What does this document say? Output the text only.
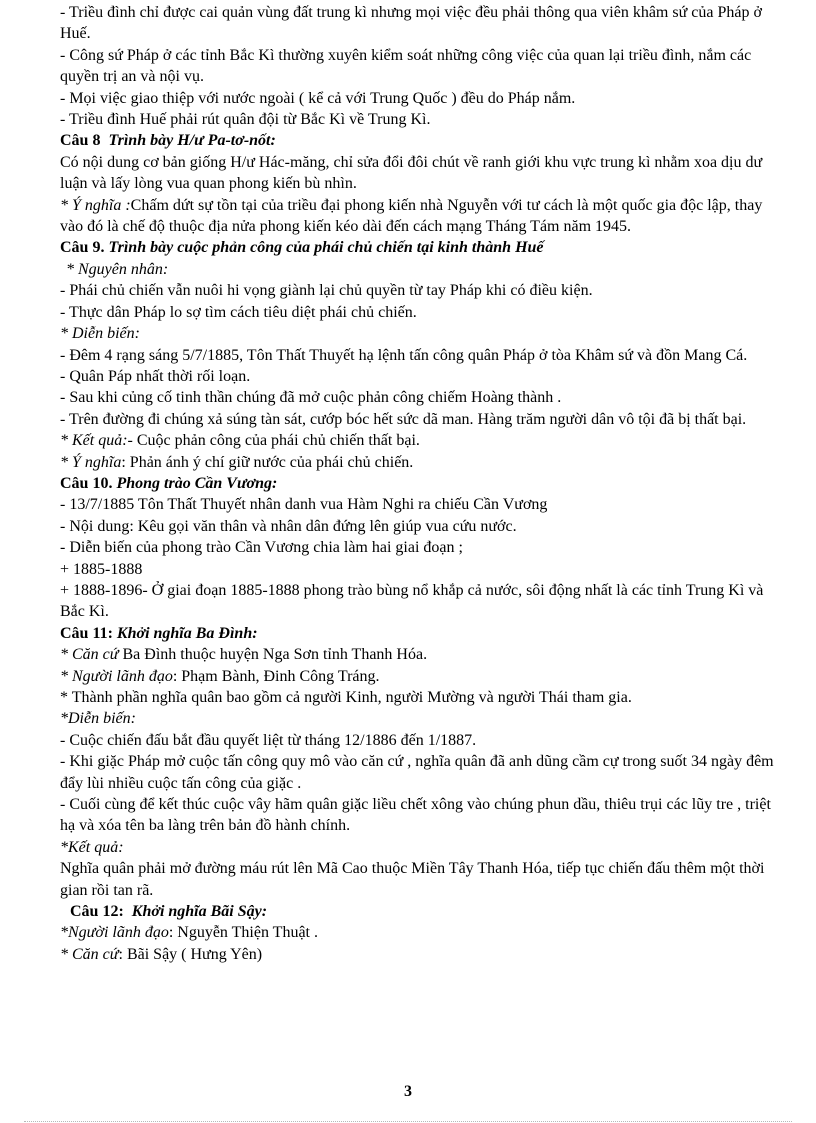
- Triều đình chỉ được cai quản vùng đất trung kì nhưng mọi việc đều phải thông qua viên khâm sứ của Pháp ở Huế.
- Công sứ Pháp ở các tỉnh Bắc Kì thường xuyên kiểm soát những công việc của quan lại triều đình, nắm các quyền trị an và nội vụ.
- Mọi việc giao thiệp với nước ngoài ( kể cả với Trung Quốc ) đều do Pháp nắm.
- Triều đình Huế phải rút quân đội từ Bắc Kì về Trung Kì.
Câu 8 Trình bày H/ư Pa-tơ-nốt:
Có nội dung cơ bản giống H/ư Hác-măng, chỉ sửa đổi đôi chút về ranh giới khu vực trung kì nhằm xoa dịu dư luận và lấy lòng vua quan phong kiến bù nhìn.
* Ý nghĩa :Chấm dứt sự tồn tại của triều đại phong kiến nhà Nguyễn với tư cách là một quốc gia độc lập, thay vào đó là chế độ thuộc địa nửa phong kiến kéo dài đến cách mạng Tháng Tám năm 1945.
Câu 9. Trình bày cuộc phản công của phái chủ chiến tại kinh thành Huế
* Nguyên nhân:
- Phái chủ chiến vẫn nuôi hi vọng giành lại chủ quyền từ tay Pháp khi có điều kiện.
- Thực dân Pháp lo sợ tìm cách tiêu diệt phái chủ chiến.
* Diễn biến:
- Đêm 4 rạng sáng 5/7/1885, Tôn Thất Thuyết hạ lệnh tấn công quân Pháp ở tòa Khâm sứ và đồn Mang Cá.
- Quân Páp nhất thời rối loạn.
- Sau khi củng cố tinh thần chúng đã mở cuộc phản công chiếm Hoàng thành .
- Trên đường đi chúng xả súng tàn sát, cướp bóc hết sức dã man. Hàng trăm người dân vô tội đã bị thất bại.
* Kết quả:- Cuộc phản công của phái chủ chiến thất bại.
* Ý nghĩa: Phản ánh ý chí giữ nước của phái chủ chiến.
Câu 10. Phong trào Cần Vương:
- 13/7/1885 Tôn Thất Thuyết nhân danh vua Hàm Nghi ra chiếu Cần Vương
- Nội dung: Kêu gọi văn thân và nhân dân đứng lên giúp vua cứu nước.
- Diễn biến của phong trào Cần Vương chia làm hai giai đoạn ;
+ 1885-1888
+ 1888-1896- Ở giai đoạn 1885-1888 phong trào bùng nổ khắp cả nước, sôi động nhất là các tỉnh Trung Kì và Bắc Kì.
Câu 11: Khởi nghĩa Ba Đình:
* Căn cứ Ba Đình thuộc huyện Nga Sơn tỉnh Thanh Hóa.
* Người lãnh đạo: Phạm Bành, Đinh Công Tráng.
* Thành phần nghĩa quân bao gồm cả người Kinh, người Mường và người Thái tham gia.
*Diễn biến:
- Cuộc chiến đấu bắt đầu quyết liệt từ tháng 12/1886 đến 1/1887.
- Khi giặc Pháp mở cuộc tấn công quy mô vào căn cứ , nghĩa quân đã anh dũng cầm cự trong suốt 34 ngày đêm đẩy lùi nhiều cuộc tấn công của giặc .
- Cuối cùng để kết thúc cuộc vây hãm quân giặc liều chết xông vào chúng phun dầu, thiêu trụi các lũy tre , triệt hạ và xóa tên ba làng trên bản đồ hành chính.
*Kết quả:
Nghĩa quân phải mở đường máu rút lên Mã Cao thuộc Miền Tây Thanh Hóa, tiếp tục chiến đấu thêm một thời gian rồi tan rã.
Câu 12: Khởi nghĩa Bãi Sậy:
*Người lãnh đạo: Nguyễn Thiện Thuật .
* Căn cứ: Bãi Sậy ( Hưng Yên)
3
